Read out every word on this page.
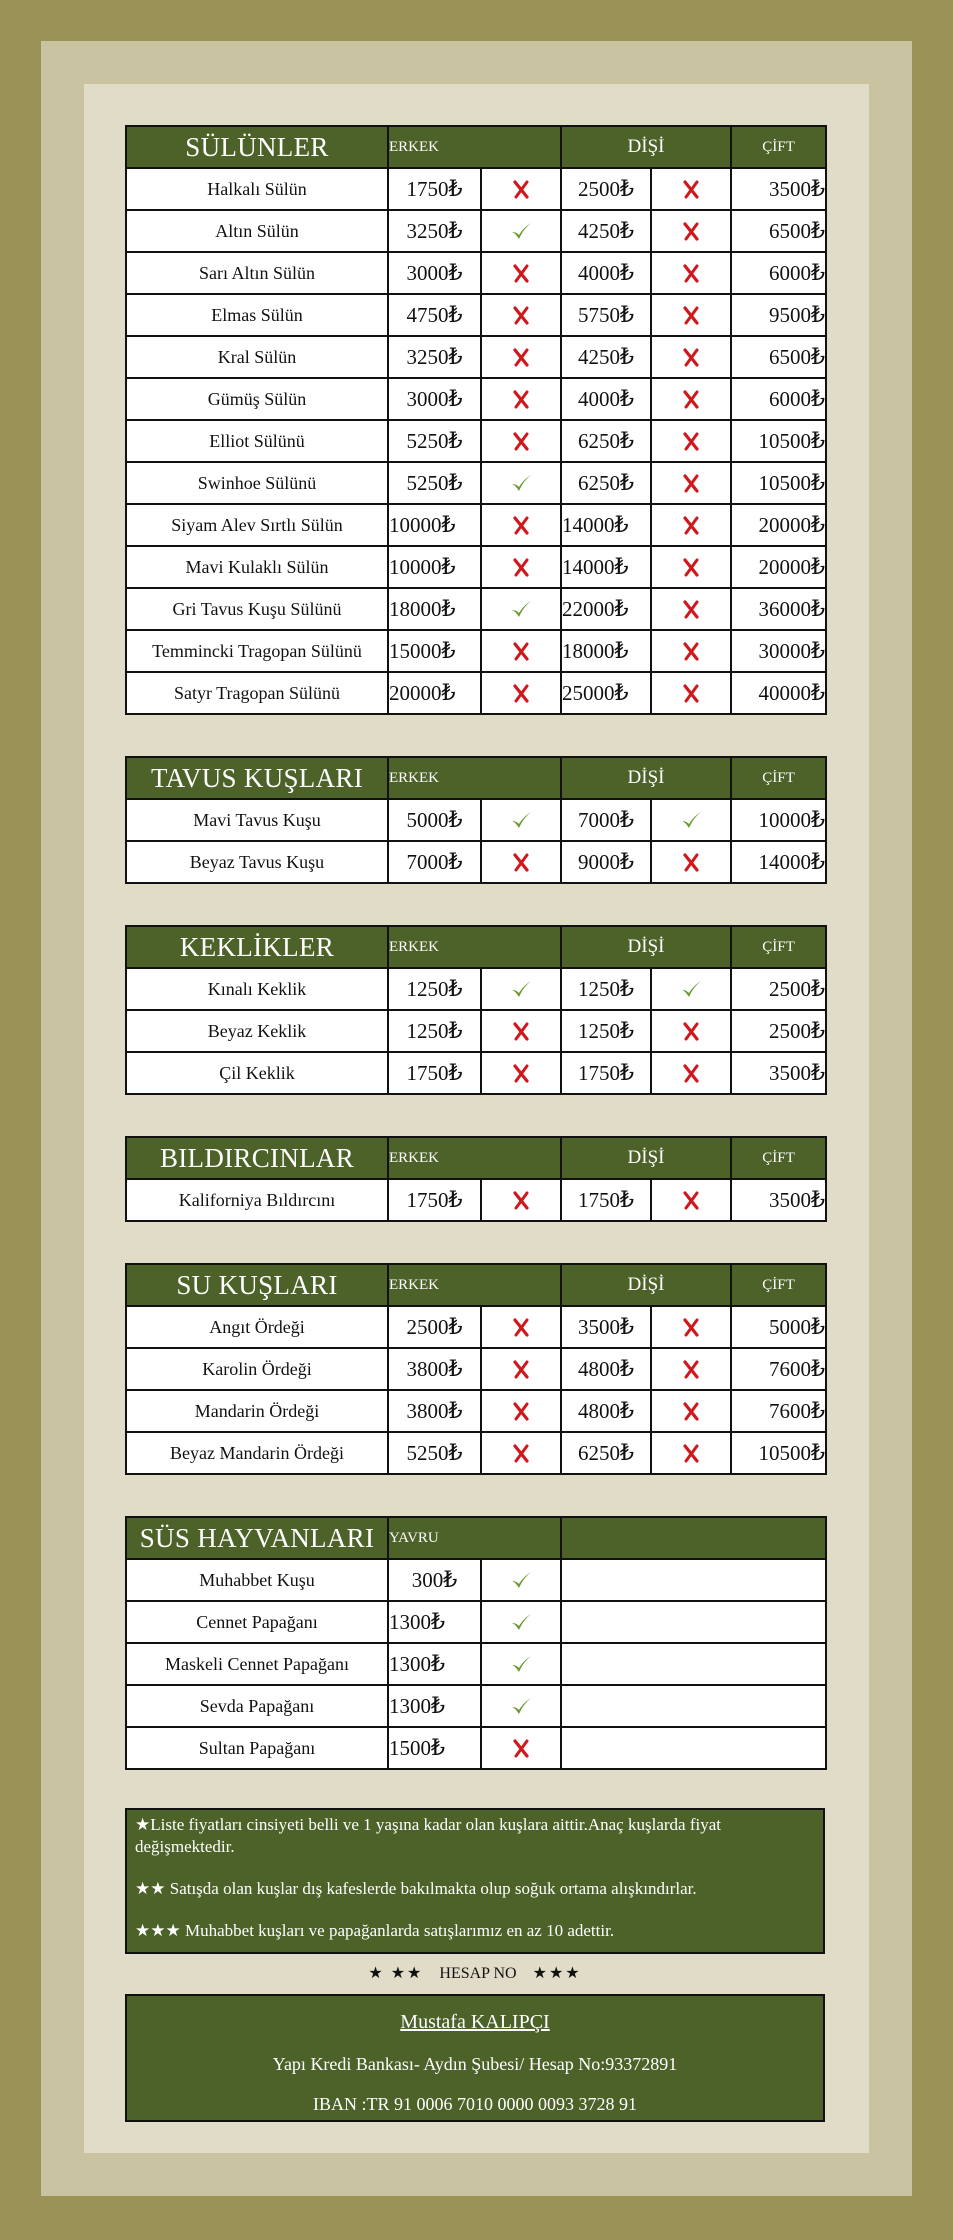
SÜLÜNLER	ERKEK		DİŞİ		ÇİFT
Halkalı Sülün	1750₺		2500₺		3500₺
Altın Sülün	3250₺		4250₺		6500₺
Sarı Altın Sülün	3000₺		4000₺		6000₺
Elmas Sülün	4750₺		5750₺		9500₺
Kral Sülün	3250₺		4250₺		6500₺
Gümüş Sülün	3000₺		4000₺		6000₺
Elliot Sülünü	5250₺		6250₺		10500₺
Swinhoe Sülünü	5250₺		6250₺		10500₺
Siyam Alev Sırtlı Sülün	10000₺		14000₺		20000₺
Mavi Kulaklı Sülün	10000₺		14000₺		20000₺
Gri Tavus Kuşu Sülünü	18000₺		22000₺		36000₺
Temmincki Tragopan Sülünü	15000₺		18000₺		30000₺
Satyr Tragopan Sülünü	20000₺		25000₺		40000₺
TAVUS KUŞLARI	ERKEK		DİŞİ		ÇİFT
Mavi Tavus Kuşu	5000₺		7000₺		10000₺
Beyaz Tavus Kuşu	7000₺		9000₺		14000₺
KEKLİKLER	ERKEK		DİŞİ		ÇİFT
Kınalı Keklik	1250₺		1250₺		2500₺
Beyaz Keklik	1250₺		1250₺		2500₺
Çil Keklik	1750₺		1750₺		3500₺
BILDIRCINLAR	ERKEK		DİŞİ		ÇİFT
Kaliforniya Bıldırcını	1750₺		1750₺		3500₺
SU KUŞLARI	ERKEK		DİŞİ		ÇİFT
Angıt Ördeği	2500₺		3500₺		5000₺
Karolin Ördeği	3800₺		4800₺		7600₺
Mandarin Ördeği	3800₺		4800₺		7600₺
Beyaz Mandarin Ördeği	5250₺		6250₺		10500₺
SÜS HAYVANLARI	YAVRU		
Muhabbet Kuşu	300₺		
Cennet Papağanı	1300₺		
Maskeli Cennet Papağanı	1300₺		
Sevda Papağanı	1300₺		
Sultan Papağanı	1500₺		

★Liste fiyatları cinsiyeti belli ve 1 yaşına kadar olan kuşlara aittir.Anaç kuşlarda fiyat değişmektedir.

★★ Satışda olan kuşlar dış kafeslerde bakılmakta olup soğuk ortama alışkındırlar.

★★★ Muhabbet kuşları ve papağanlarda satışlarımız en az 10 adettir.

★ ★★ HESAP NO ★★★
Mustafa KALIPÇI
Yapı Kredi Bankası- Aydın Şubesi/ Hesap No:93372891
IBAN :TR 91 0006 7010 0000 0093 3728 91
